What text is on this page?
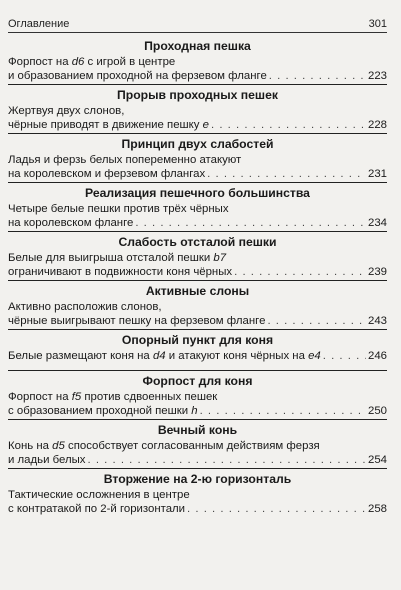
Оглавление	301
Проходная пешка
Форпост на d6 с игрой в центре
и образованием проходной на ферзевом фланге . . .	223
Прорыв проходных пешек
Жертвуя двух слонов,
чёрные приводят в движение пешку e . . .	228
Принцип двух слабостей
Ладья и ферзь белых попеременно атакуют
на королевском и ферзевом флангах . . .	231
Реализация пешечного большинства
Четыре белые пешки против трёх чёрных
на королевском фланге . . .	234
Слабость отсталой пешки
Белые для выигрыша отсталой пешки b7
ограничивают в подвижности коня чёрных . . .	239
Активные слоны
Активно расположив слонов,
чёрные выигрывают пешку на ферзевом фланге . . .	243
Опорный пункт для коня
Белые размещают коня на d4 и атакуют коня чёрных на e4 . . .	246
Форпост для коня
Форпост на f5 против сдвоенных пешек
с образованием проходной пешки h . . .	250
Вечный конь
Конь на d5 способствует согласованным действиям ферзя
и ладьи белых . . .	254
Вторжение на 2-ю горизонталь
Тактические осложнения в центре
с контратакой по 2-й горизонтали . . .	258
